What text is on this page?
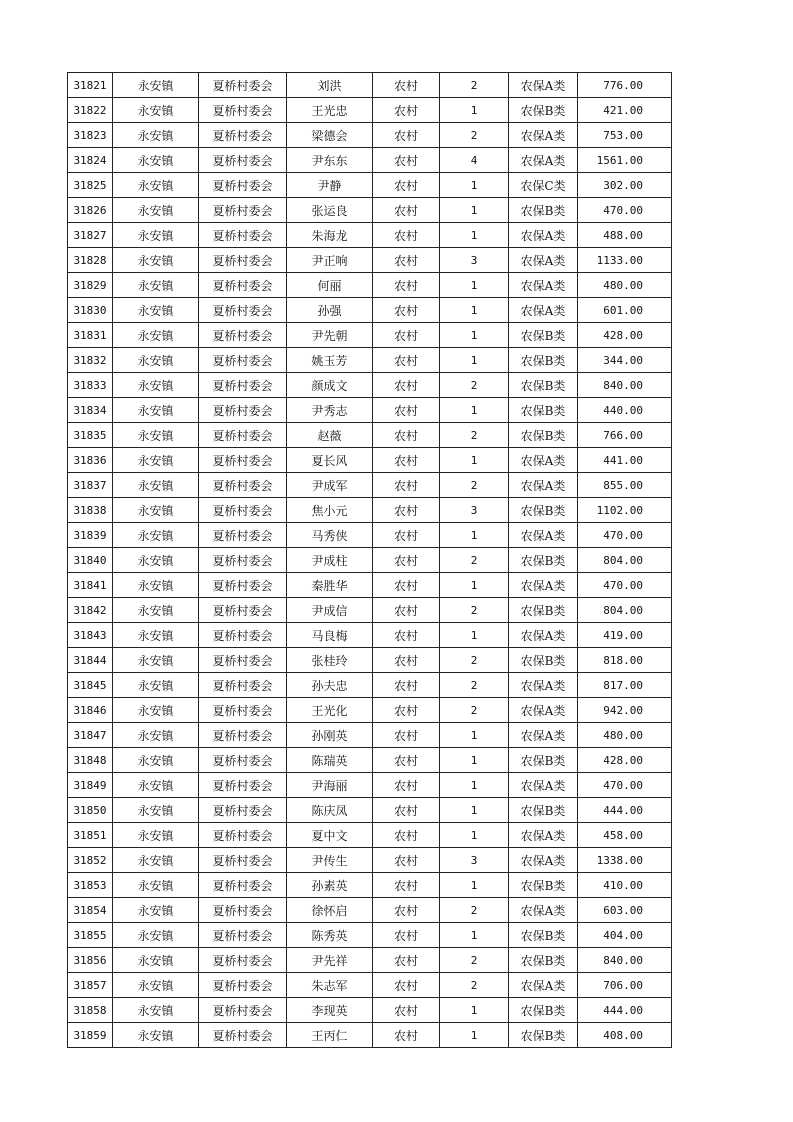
31821	永安镇	夏桥村委会	刘洪	农村	2	农保A类	776.00
31822	永安镇	夏桥村委会	王光忠	农村	1	农保B类	421.00
31823	永安镇	夏桥村委会	梁德会	农村	2	农保A类	753.00
31824	永安镇	夏桥村委会	尹东东	农村	4	农保A类	1561.00
31825	永安镇	夏桥村委会	尹静	农村	1	农保C类	302.00
31826	永安镇	夏桥村委会	张运良	农村	1	农保B类	470.00
31827	永安镇	夏桥村委会	朱海龙	农村	1	农保A类	488.00
31828	永安镇	夏桥村委会	尹正响	农村	3	农保A类	1133.00
31829	永安镇	夏桥村委会	何丽	农村	1	农保A类	480.00
31830	永安镇	夏桥村委会	孙强	农村	1	农保A类	601.00
31831	永安镇	夏桥村委会	尹先朝	农村	1	农保B类	428.00
31832	永安镇	夏桥村委会	姚玉芳	农村	1	农保B类	344.00
31833	永安镇	夏桥村委会	颜成文	农村	2	农保B类	840.00
31834	永安镇	夏桥村委会	尹秀志	农村	1	农保B类	440.00
31835	永安镇	夏桥村委会	赵薇	农村	2	农保B类	766.00
31836	永安镇	夏桥村委会	夏长风	农村	1	农保A类	441.00
31837	永安镇	夏桥村委会	尹成军	农村	2	农保A类	855.00
31838	永安镇	夏桥村委会	焦小元	农村	3	农保B类	1102.00
31839	永安镇	夏桥村委会	马秀侠	农村	1	农保A类	470.00
31840	永安镇	夏桥村委会	尹成柱	农村	2	农保B类	804.00
31841	永安镇	夏桥村委会	秦胜华	农村	1	农保A类	470.00
31842	永安镇	夏桥村委会	尹成信	农村	2	农保B类	804.00
31843	永安镇	夏桥村委会	马良梅	农村	1	农保A类	419.00
31844	永安镇	夏桥村委会	张桂玲	农村	2	农保B类	818.00
31845	永安镇	夏桥村委会	孙夫忠	农村	2	农保A类	817.00
31846	永安镇	夏桥村委会	王光化	农村	2	农保A类	942.00
31847	永安镇	夏桥村委会	孙刚英	农村	1	农保A类	480.00
31848	永安镇	夏桥村委会	陈瑞英	农村	1	农保B类	428.00
31849	永安镇	夏桥村委会	尹海丽	农村	1	农保A类	470.00
31850	永安镇	夏桥村委会	陈庆凤	农村	1	农保B类	444.00
31851	永安镇	夏桥村委会	夏中文	农村	1	农保A类	458.00
31852	永安镇	夏桥村委会	尹传生	农村	3	农保A类	1338.00
31853	永安镇	夏桥村委会	孙素英	农村	1	农保B类	410.00
31854	永安镇	夏桥村委会	徐怀启	农村	2	农保A类	603.00
31855	永安镇	夏桥村委会	陈秀英	农村	1	农保B类	404.00
31856	永安镇	夏桥村委会	尹先祥	农村	2	农保B类	840.00
31857	永安镇	夏桥村委会	朱志军	农村	2	农保A类	706.00
31858	永安镇	夏桥村委会	李现英	农村	1	农保B类	444.00
31859	永安镇	夏桥村委会	王丙仁	农村	1	农保B类	408.00
